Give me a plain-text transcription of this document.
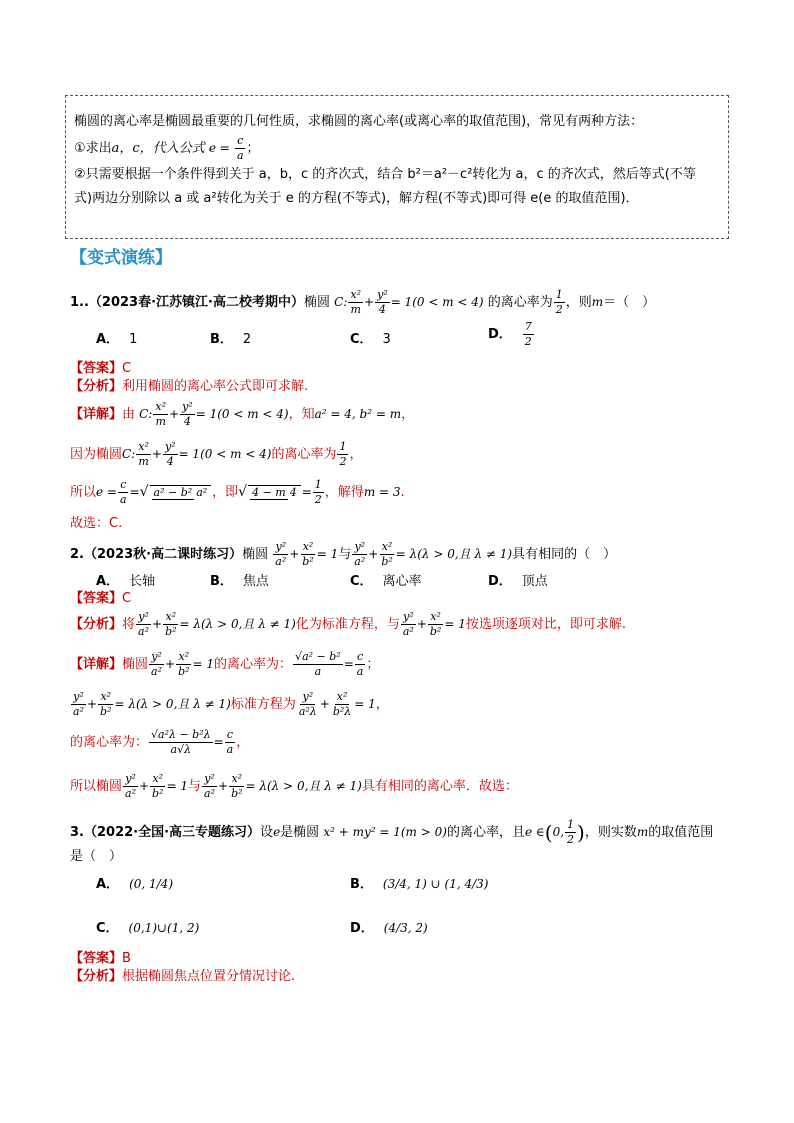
椭圆的离心率是椭圆最重要的几何性质，求椭圆的离心率(或离心率的取值范围)，常见有两种方法：
①求出a，c，代入公式 $e = \frac{c}{a}$ ；
②只需要根据一个条件得到关于 a，b，c 的齐次式，结合 b²＝a²－c²转化为 a，c 的齐次式，然后等式(不等
式)两边分别除以 a 或 a²转化为关于 e 的方程(不等式)，解方程(不等式)即可得 e(e 的取值范围)．
【变式演练】
1..（2023春·江苏镇江·高二校考期中）椭圆 C: $\frac{\text{x²}}{m} + \frac{\text{y²}}{4} = 1(0 < m < 4)$ 的离心率为 $\frac{1}{2}$ ，则m＝（　）
A． 1	B． 2	C． 3	D． $\frac{7}{2}$
【答案】C
【分析】利用椭圆的离心率公式即可求解.
【详解】由 C: $\frac{\text{x²}}{m} + \frac{\text{y²}}{4} = 1(0 < m < 4)$，知a² = 4, b² = m，
因为椭圆C: $\frac{\text{x²}}{m} + \frac{\text{y²}}{4} = 1(0 < m < 4)$的离心率为 $\frac{1}{2}$ ，
所以$e = \frac{c}{a}$ =√ a² − b² a² ，即√ 4 − m $4 = \frac{1}{2}$ ，解得m = 3.
故选：C.
2.（2023秋·高二课时练习）椭圆 $\frac{\text{y²}}{\text{a²}} + \frac{\text{x²}}{\text{b²}} = 1$与 $\frac{\text{y²}}{\text{a²}} + \frac{\text{x²}}{\text{b²}} = \lambda(\lambda > 0$,且 λ ≠ 1)具有相同的（　）
A． 长轴	B． 焦点	C． 离心率	D． 顶点
【答案】C
【分析】将 $\frac{\text{y²}}{\text{a²}} + \frac{\text{x²}}{\text{b²}} = \lambda(\lambda > 0$,且 λ ≠ 1)化为标准方程，与 $\frac{\text{y²}}{\text{a²}} + \frac{\text{x²}}{\text{b²}} = 1$按选项逐项对比，即可求解.
【详解】椭圆 $\frac{\text{y²}}{\text{a²}} + \frac{\text{x²}}{\text{b²}} = 1$的离心率为： $\frac{\text{√a² − b²}}{a} = \frac{c}{a}$ ；
$\frac{\text{y²}}{\text{a²}} + \frac{\text{x²}}{\text{b²}} = \lambda(\lambda > 0$,且 λ ≠ 1)标准方程为 $\frac{\text{y²}}{\text{a²λ}} + \frac{\text{x²}}{\text{b²λ}} = 1$，
的离心率为： $\frac{\text{√a²λ − b²λ}}{a√\lambda} = \frac{c}{a}$ ，
所以椭圆 $\frac{\text{y²}}{\text{a²}} + \frac{\text{x²}}{\text{b²}} = 1$与 $\frac{\text{y²}}{\text{a²}} + \frac{\text{x²}}{\text{b²}} = \lambda(\lambda > 0$,且 λ ≠ 1)具有相同的离心率．故选：
3.（2022·全国·高三专题练习）设e是椭圆 x² + my² = 1(m > 0)的离心率，且e ∈(0, $\frac{1}{2}$ )，则实数m的取值范围
是（　）
A． (0, 1/4)	B． (3/4, 1) ∪ (1, 4/3)
C． (0,1)∪(1, 2)	D． (4/3, 2)
【答案】B
【分析】根据椭圆焦点位置分情况讨论.
